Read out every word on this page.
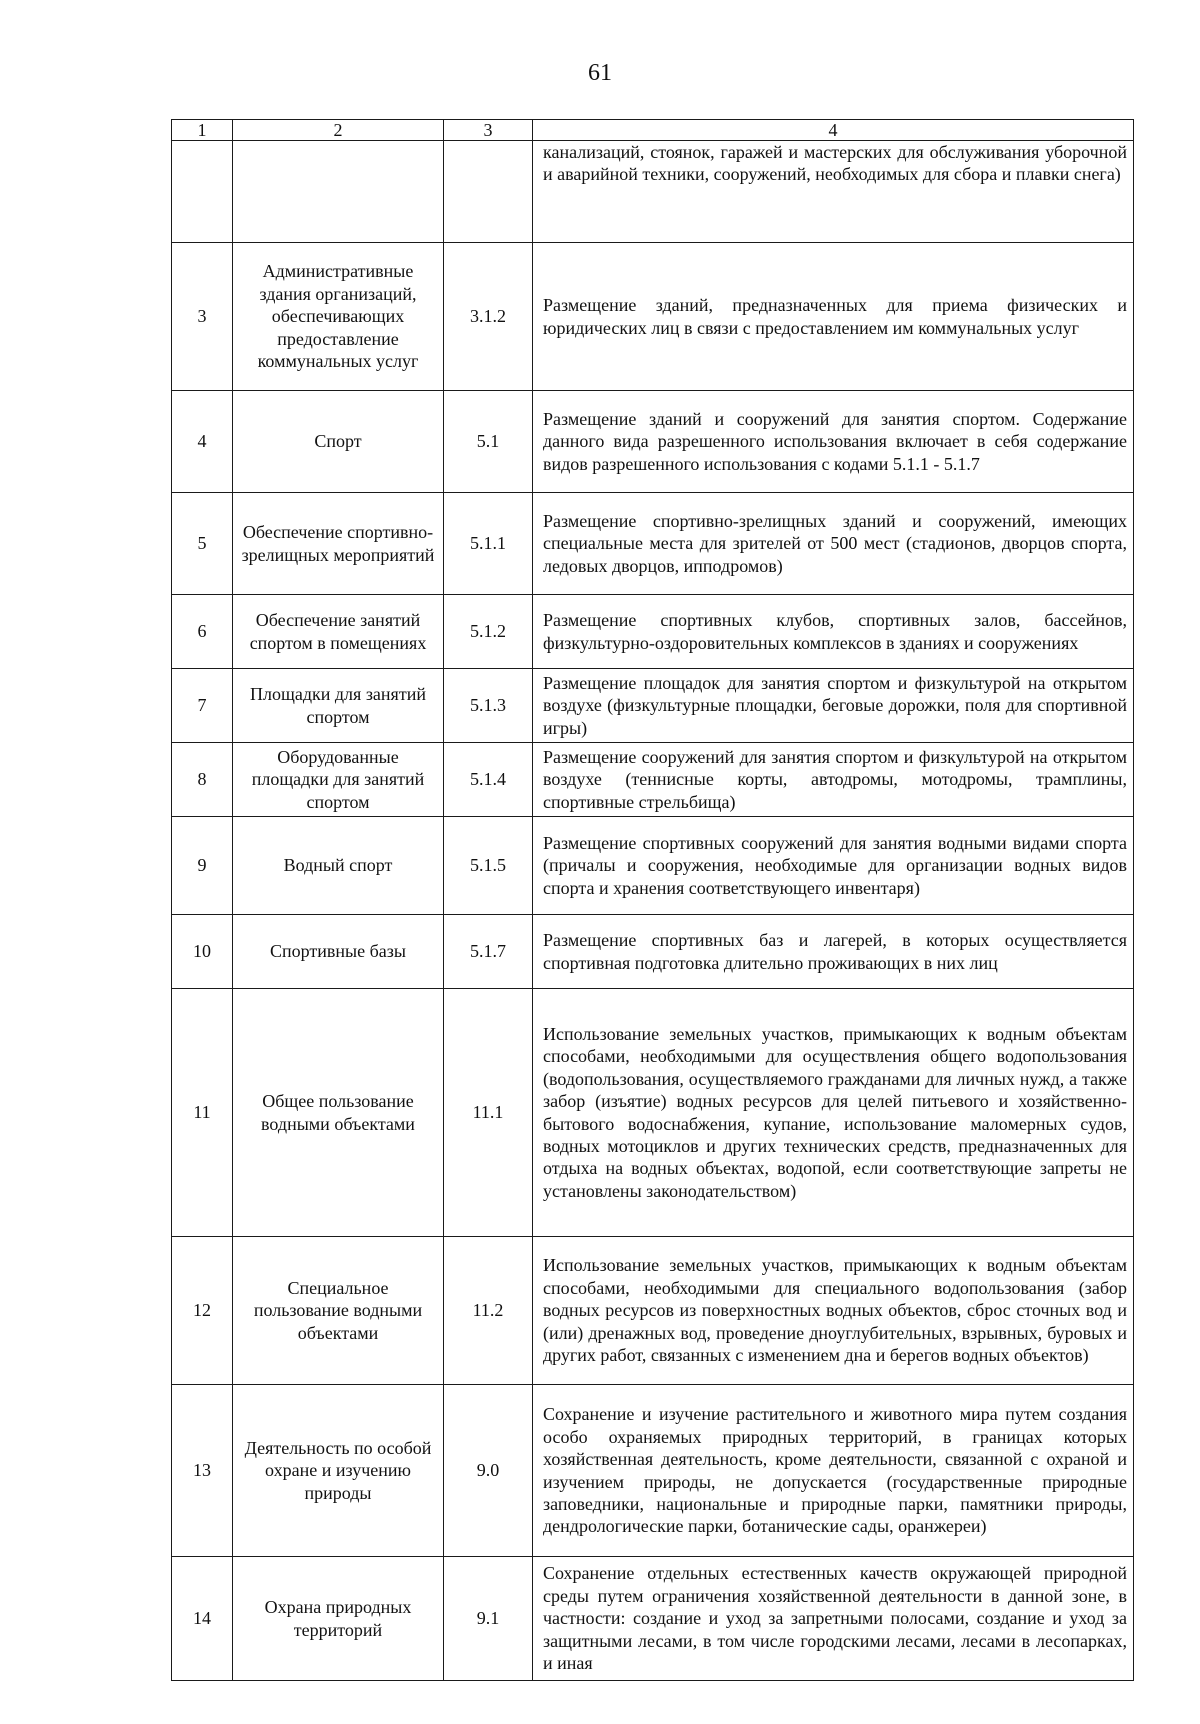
61
1	2	3	4

			канализаций, стоянок, гаражей и мастерских для обслуживания уборочной и аварийной техники, сооружений, необходимых для сбора и плавки снега)

3	Административные здания организаций, обеспечивающих предоставление коммунальных услуг	3.1.2	Размещение зданий, предназначенных для приема физических и юридических лиц в связи с предоставлением им коммунальных услуг

4	Спорт	5.1	Размещение зданий и сооружений для занятия спортом. Содержание данного вида разрешенного использования включает в себя содержание видов разрешенного использования с кодами 5.1.1 - 5.1.7

5	Обеспечение спортивно-зрелищных мероприятий	5.1.1	Размещение спортивно-зрелищных зданий и сооружений, имеющих специальные места для зрителей от 500 мест (стадионов, дворцов спорта, ледовых дворцов, ипподромов)

6	Обеспечение занятий спортом в помещениях	5.1.2	Размещение спортивных клубов, спортивных залов, бассейнов, физкультурно-оздоровительных комплексов в зданиях и сооружениях

7	Площадки для занятий спортом	5.1.3	Размещение площадок для занятия спортом и физкультурой на открытом воздухе (физкультурные площадки, беговые дорожки, поля для спортивной игры)

8	Оборудованные площадки для занятий спортом	5.1.4	Размещение сооружений для занятия спортом и физкультурой на открытом воздухе (теннисные корты, автодромы, мотодромы, трамплины, спортивные стрельбища)

9	Водный спорт	5.1.5	Размещение спортивных сооружений для занятия водными видами спорта (причалы и сооружения, необходимые для организации водных видов спорта и хранения соответствующего инвентаря)

10	Спортивные базы	5.1.7	Размещение спортивных баз и лагерей, в которых осуществляется спортивная подготовка длительно проживающих в них лиц

11	Общее пользование водными объектами	11.1	Использование земельных участков, примыкающих к водным объектам способами, необходимыми для осуществления общего водопользования (водопользования, осуществляемого гражданами для личных нужд, а также забор (изъятие) водных ресурсов для целей питьевого и хозяйственно-бытового водоснабжения, купание, использование маломерных судов, водных мотоциклов и других технических средств, предназначенных для отдыха на водных объектах, водопой, если соответствующие запреты не установлены законодательством)

12	Специальное пользование водными объектами	11.2	Использование земельных участков, примыкающих к водным объектам способами, необходимыми для специального водопользования (забор водных ресурсов из поверхностных водных объектов, сброс сточных вод и (или) дренажных вод, проведение дноуглубительных, взрывных, буровых и других работ, связанных с изменением дна и берегов водных объектов)

13	Деятельность по особой охране и изучению природы	9.0	Сохранение и изучение растительного и животного мира путем создания особо охраняемых природных территорий, в границах которых хозяйственная деятельность, кроме деятельности, связанной с охраной и изучением природы, не допускается (государственные природные заповедники, национальные и природные парки, памятники природы, дендрологические парки, ботанические сады, оранжереи)

14	Охрана природных территорий	9.1	Сохранение отдельных естественных качеств окружающей природной среды путем ограничения хозяйственной деятельности в данной зоне, в частности: создание и уход за запретными полосами, создание и уход за защитными лесами, в том числе городскими лесами, лесами в лесопарках, и иная
